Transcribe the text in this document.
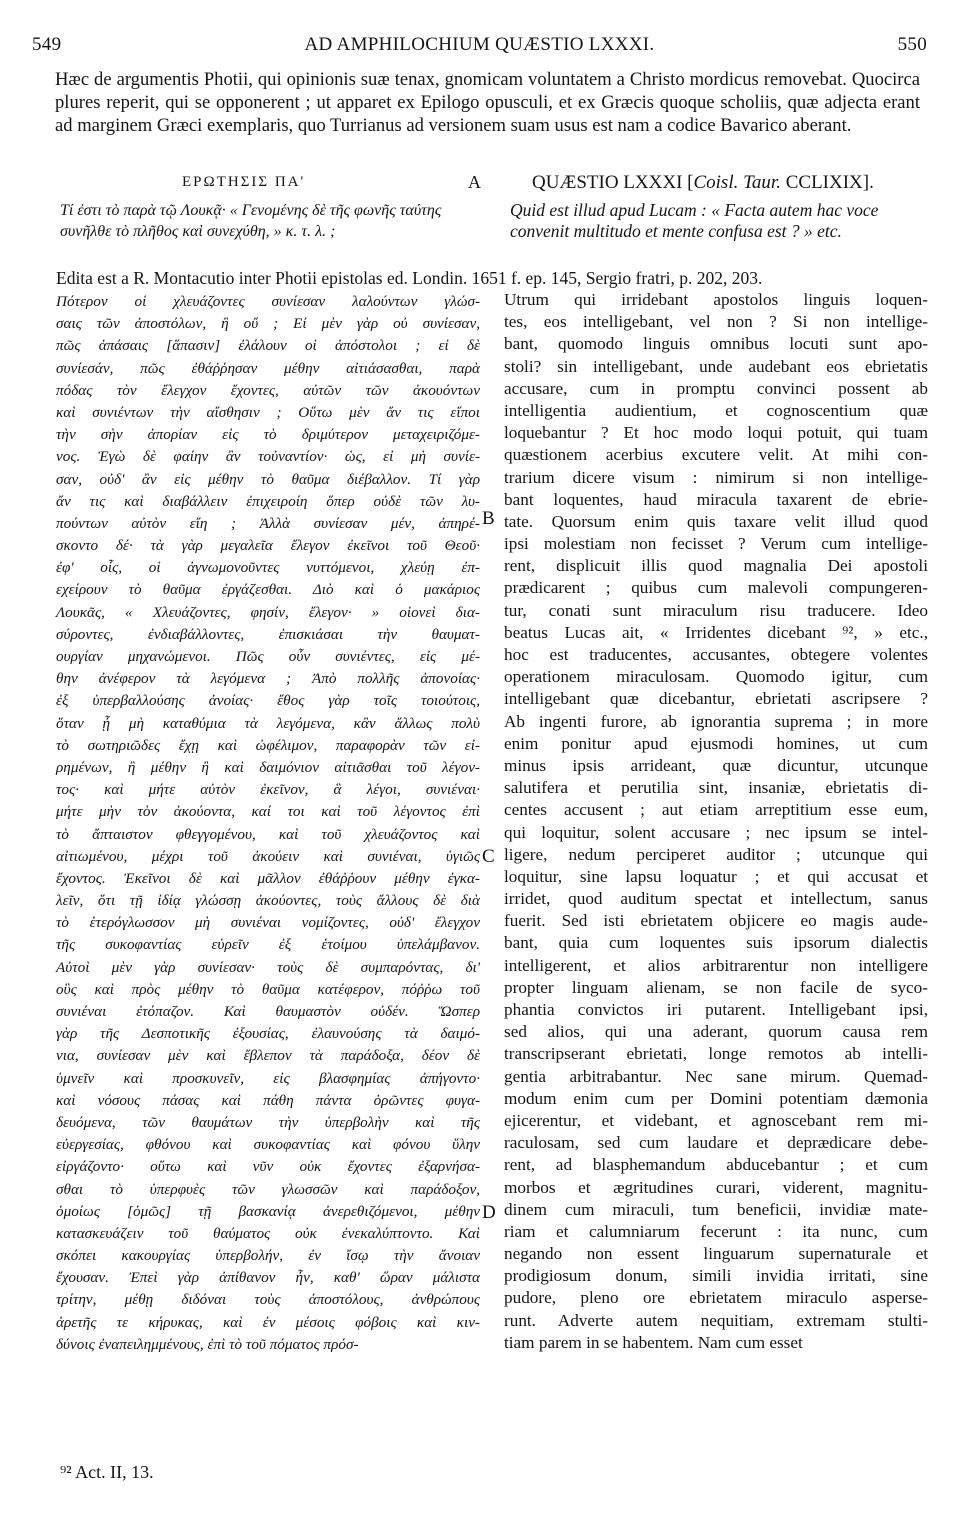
549	AD AMPHILOCHIUM QUÆSTIO LXXXI.	550

Hæc de argumentis Photii, qui opinionis suæ tenax, gnomicam voluntatem a Christo mordicus removebat. Quocirca plures reperit, qui se opponerent ; ut apparet ex Epilogo opusculi, et ex Græcis quoque scholiis, quæ adjecta erant ad marginem Græci exemplaris, quo Turrianus ad versionem suam usus est nam a codice Bavarico aberant.

ΕΡΩΤΗΣΙΣ ΠΑ'	A	QUÆSTIO LXXXI [Coisl. Taur. CCLIXIX].

Τί ἐστι τὸ παρὰ τῷ Λουκᾷ· « Γενομένης δὲ τῆς φωνῆς ταύτης συνῆλθε τὸ πλῆθος καὶ συνεχύθη, » κ. τ. λ. ;

Quid est illud apud Lucam : « Facta autem hac voce convenit multitudo et mente confusa est ? » etc.

Edita est a R. Montacutio inter Photii epistolas ed. Londin. 1651 f. ep. 145, Sergio fratri, p. 202, 203.
Πότερον οἱ χλευάζοντες συνίεσαν λαλούντων γλώσ-
σαις τῶν ἀποστόλων, ἢ οὔ ; Εἰ μὲν γὰρ οὐ συνίεσαν,
πῶς ἁπάσαις [ἅπασιν] ἐλάλουν οἱ ἀπόστολοι ; εἰ δὲ
συνίεσάν, πῶς ἐθάῤῥησαν μέθην αἰτιάσασθαι, παρὰ
πόδας τὸν ἔλεγχον ἔχοντες, αὐτῶν τῶν ἀκουόντων
καὶ συνιέντων τὴν αἴσθησιν ; Οὕτω μὲν ἄν τις εἴποι
τὴν σὴν ἀπορίαν εἰς τὸ δριμύτερον μεταχειριζόμε-
νος. Ἐγὼ δὲ φαίην ἂν τοὐναντίον· ὡς, εἰ μὴ συνίε-
σαν, οὐδ' ἂν εἰς μέθην τὸ θαῦμα διέβαλλον. Τί γὰρ
ἄν τις καὶ διαβάλλειν ἐπιχειροίη ὅπερ οὐδὲ τῶν λυ-
πούντων αὐτὸν εἴη ; Ἀλλὰ συνίεσαν μέν, ἀπηρέ-
σκοντο δέ· τὰ γὰρ μεγαλεῖα ἔλεγον ἐκεῖνοι τοῦ Θεοῦ·
ἐφ' οἷς, οἱ ἀγνωμονοῦντες νυττόμενοι, χλεύῃ ἐπ-
εχείρουν τὸ θαῦμα ἐργάζεσθαι. Διὸ καὶ ὁ μακάριος
Λουκᾶς, « Χλευάζοντες, φησίν, ἔλεγον· » οἱονεὶ δια-
σύροντες, ἐνδιαβάλλοντες, ἐπισκιάσαι τὴν θαυματ-
ουργίαν μηχανώμενοι. Πῶς οὖν συνιέντες, εἰς μέ-
θην ἀνέφερον τὰ λεγόμενα ; Ἀπὸ πολλῆς ἀπονοίας·
ἐξ ὑπερβαλλούσης ἀνοίας· ἔθος γὰρ τοῖς τοιούτοις,
ὅταν ᾖ μὴ καταθύμια τὰ λεγόμενα, κἂν ἄλλως πολὺ
τὸ σωτηριῶδες ἔχῃ καὶ ὠφέλιμον, παραφορὰν τῶν εἰ-
ρημένων, ἢ μέθην ἢ καὶ δαιμόνιον αἰτιᾶσθαι τοῦ λέγον-
τος· καὶ μήτε αὐτὸν ἐκεῖνον, ἃ λέγοι, συνιέναι·
μήτε μὴν τὸν ἀκούοντα, καί τοι καὶ τοῦ λέγοντος ἐπὶ
τὸ ἄπταιστον φθεγγομένου, καὶ τοῦ χλευάζοντος καὶ
αἰτιωμένου, μέχρι τοῦ ἀκούειν καὶ συνιέναι, ὑγιῶς
ἔχοντος. Ἐκεῖνοι δὲ καὶ μᾶλλον ἐθάῤῥουν μέθην ἐγκα-
λεῖν, ὅτι τῇ ἰδίᾳ γλώσσῃ ἀκούοντες, τοὺς ἄλλους δὲ διὰ
τὸ ἑτερόγλωσσον μὴ συνιέναι νομίζοντες, οὐδ' ἔλεγχον
τῆς συκοφαντίας εὑρεῖν ἐξ ἑτοίμου ὑπελάμβανον.
Αὐτοὶ μὲν γὰρ συνίεσαν· τοὺς δὲ συμπαρόντας, δι'
οὓς καὶ πρὸς μέθην τὸ θαῦμα κατέφερον, πόῤῥω τοῦ
συνιέναι ἐτόπαζον. Καὶ θαυμαστὸν οὐδέν. Ὥσπερ
γὰρ τῆς Δεσποτικῆς ἐξουσίας, ἐλαυνούσης τὰ δαιμό-
νια, συνίεσαν μὲν καὶ ἔβλεπον τὰ παράδοξα, δέον δὲ
ὑμνεῖν καὶ προσκυνεῖν, εἰς βλασφημίας ἀπήγοντο·
καὶ νόσους πάσας καὶ πάθη πάντα ὁρῶντες φυγα-
δευόμενα, τῶν θαυμάτων τὴν ὑπερβολὴν καὶ τῆς
εὐεργεσίας, φθόνου καὶ συκοφαντίας καὶ φόνου ὕλην
εἰργάζοντο· οὕτω καὶ νῦν οὐκ ἔχοντες ἐξαρνήσα-
σθαι τὸ ὑπερφυὲς τῶν γλωσσῶν καὶ παράδοξον,
ὁμοίως [ὁμῶς] τῇ βασκανίᾳ ἀνερεθιζόμενοι, μέθην
κατασκευάζειν τοῦ θαύματος οὐκ ἐνεκαλύπτοντο. Καὶ
σκόπει κακουργίας ὑπερβολήν, ἐν ἴσῳ τὴν ἄνοιαν
ἔχουσαν. Ἐπεὶ γὰρ ἀπίθανον ἦν, καθ' ὥραν μάλιστα
τρίτην, μέθῃ διδόναι τοὺς ἀποστόλους, ἀνθρώπους
ἀρετῆς τε κήρυκας, καὶ ἐν μέσοις φόβοις καὶ κιν-
δύνοις ἐναπειλημμένους, ἐπὶ τὸ τοῦ πόματος πρόσ-
Utrum qui irridebant apostolos linguis loquen-
tes, eos intelligebant, vel non ? Si non intellige-
bant, quomodo linguis omnibus locuti sunt apo-
stoli? sin intelligebant, unde audebant eos ebrietatis
accusare, cum in promptu convinci possent ab
intelligentia audientium, et cognoscentium quæ
loquebantur ? Et hoc modo loqui potuit, qui tuam
quæstionem acerbius excutere velit. At mihi con-
trarium dicere visum : nimirum si non intellige-
bant loquentes, haud miracula taxarent de ebrie-
tate. Quorsum enim quis taxare velit illud quod
ipsi molestiam non fecisset ? Verum cum intellige-
rent, displicuit illis quod magnalia Dei apostoli
prædicarent ; quibus cum malevoli compungeren-
tur, conati sunt miraculum risu traducere. Ideo
beatus Lucas ait, « Irridentes dicebant ⁹², » etc.,
hoc est traducentes, accusantes, obtegere volentes
operationem miraculosam. Quomodo igitur, cum
intelligebant quæ dicebantur, ebrietati ascripsere ?
Ab ingenti furore, ab ignorantia suprema ; in more
enim ponitur apud ejusmodi homines, ut cum
minus ipsis arrideant, quæ dicuntur, utcunque
salutifera et perutilia sint, insaniæ, ebrietatis di-
centes accusent ; aut etiam arreptitium esse eum,
qui loquitur, solent accusare ; nec ipsum se intel-
ligere, nedum perciperet auditor ; utcunque qui
loquitur, sine lapsu loquatur ; et qui accusat et
irridet, quod auditum spectat et intellectum, sanus
fuerit. Sed isti ebrietatem objicere eo magis aude-
bant, quia cum loquentes suis ipsorum dialectis
intelligerent, et alios arbitrarentur non intelligere
propter linguam alienam, se non facile de syco-
phantia convictos iri putarent. Intelligebant ipsi,
sed alios, qui una aderant, quorum causa rem
transcripserant ebrietati, longe remotos ab intelli-
gentia arbitrabantur. Nec sane mirum. Quemad-
modum enim cum per Domini potentiam dæmonia
ejicerentur, et videbant, et agnoscebant rem mi-
raculosam, sed cum laudare et deprædicare debe-
rent, ad blasphemandum abducebantur ; et cum
morbos et ægritudines curari, viderent, magnitu-
dinem cum miraculi, tum beneficii, invidiæ mate-
riam et calumniarum fecerunt : ita nunc, cum
negando non essent linguarum supernaturale et
prodigiosum donum, simili invidia irritati, sine
pudore, pleno ore ebrietatem miraculo asperse-
runt. Adverte autem nequitiam, extremam stulti-
tiam parem in se habentem. Nam cum esset
B
C
D
⁹² Act. II, 13.
